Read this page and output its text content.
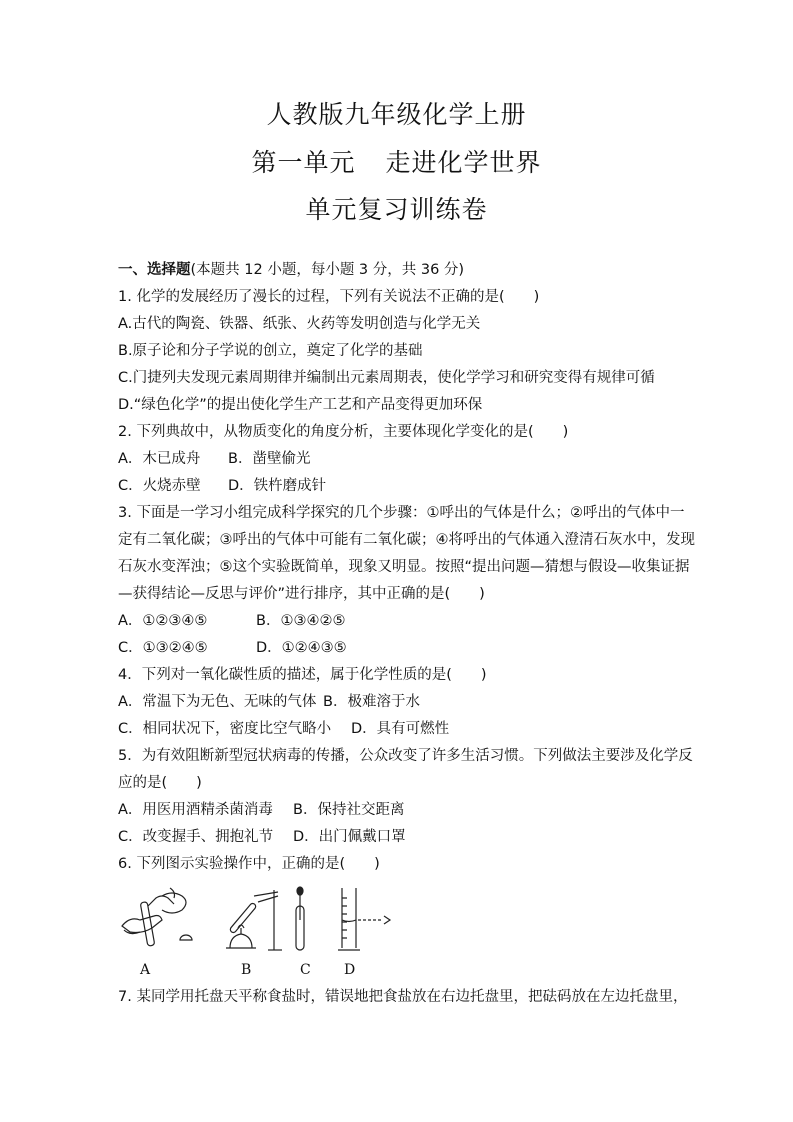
人教版九年级化学上册
第一单元 走进化学世界
单元复习训练卷
一、选择题(本题共 12 小题，每小题 3 分，共 36 分)
1. 化学的发展经历了漫长的过程，下列有关说法不正确的是(　　)
A.古代的陶瓷、铁器、纸张、火药等发明创造与化学无关
B.原子论和分子学说的创立，奠定了化学的基础
C.门捷列夫发现元素周期律并编制出元素周期表，使化学学习和研究变得有规律可循
D.“绿色化学”的提出使化学生产工艺和产品变得更加环保
2. 下列典故中，从物质变化的角度分析，主要体现化学变化的是(　　)
A．木已成舟 B．凿壁偷光
C．火烧赤壁 D．铁杵磨成针
3. 下面是一学习小组完成科学探究的几个步骤：①呼出的气体是什么；②呼出的气体中一
定有二氧化碳；③呼出的气体中可能有二氧化碳；④将呼出的气体通入澄清石灰水中，发现
石灰水变浑浊；⑤这个实验既简单，现象又明显。按照“提出问题—猜想与假设—收集证据
—获得结论—反思与评价”进行排序，其中正确的是(　　)
A．①②③④⑤	B．①③④②⑤
C．①③②④⑤	D．①②④③⑤
4．下列对一氧化碳性质的描述，属于化学性质的是(　　)
A．常温下为无色、无味的气体 B．极难溶于水
C．相同状况下，密度比空气略小 D．具有可燃性
5．为有效阻断新型冠状病毒的传播，公众改变了许多生活习惯。下列做法主要涉及化学反
应的是(　　)
A．用医用酒精杀菌消毒 B．保持社交距离
C．改变握手、拥抱礼节 D．出门佩戴口罩
6. 下列图示实验操作中，正确的是(　　)
A	B	C D
7. 某同学用托盘天平称食盐时，错误地把食盐放在右边托盘里，把砝码放在左边托盘里，
